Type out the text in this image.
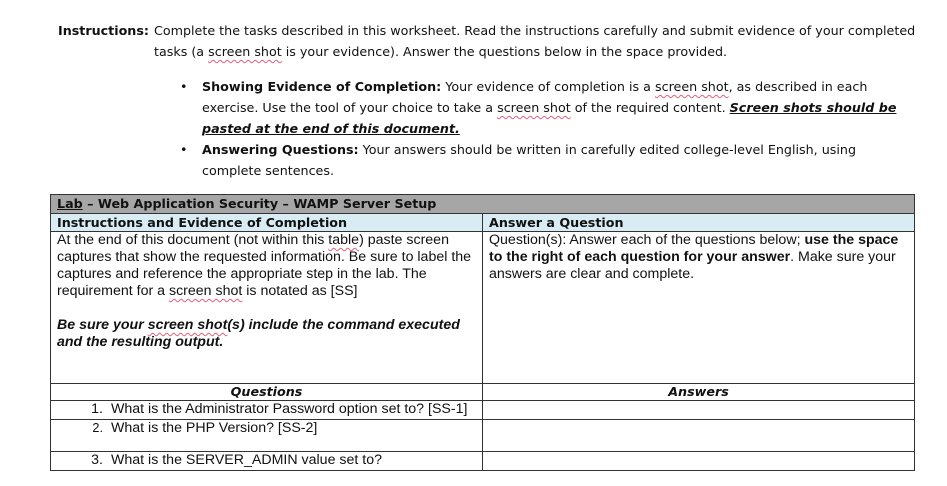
Instructions: Complete the tasks described in this worksheet. Read the instructions carefully and submit evidence of your completed tasks (a screen shot is your evidence). Answer the questions below in the space provided.
• Showing Evidence of Completion: Your evidence of completion is a screen shot, as described in each exercise. Use the tool of your choice to take a screen shot of the required content. Screen shots should be pasted at the end of this document.
• Answering Questions: Your answers should be written in carefully edited college-level English, using complete sentences.
Lab – Web Application Security – WAMP Server Setup	
Instructions and Evidence of Completion	Answer a Question

At the end of this document (not within this table) paste screen captures that show the requested information. Be sure to label the captures and reference the appropriate step in the lab. The requirement for a screen shot is notated as [SS]

Be sure your screen shot(s) include the command executed and the resulting output.	Question(s): Answer each of the questions below; use the space to the right of each question for your answer. Make sure your answers are clear and complete.

Questions	Answers
1. What is the Administrator Password option set to? [SS-1]	
2. What is the PHP Version? [SS-2]	
3. What is the SERVER_ADMIN value set to?	
